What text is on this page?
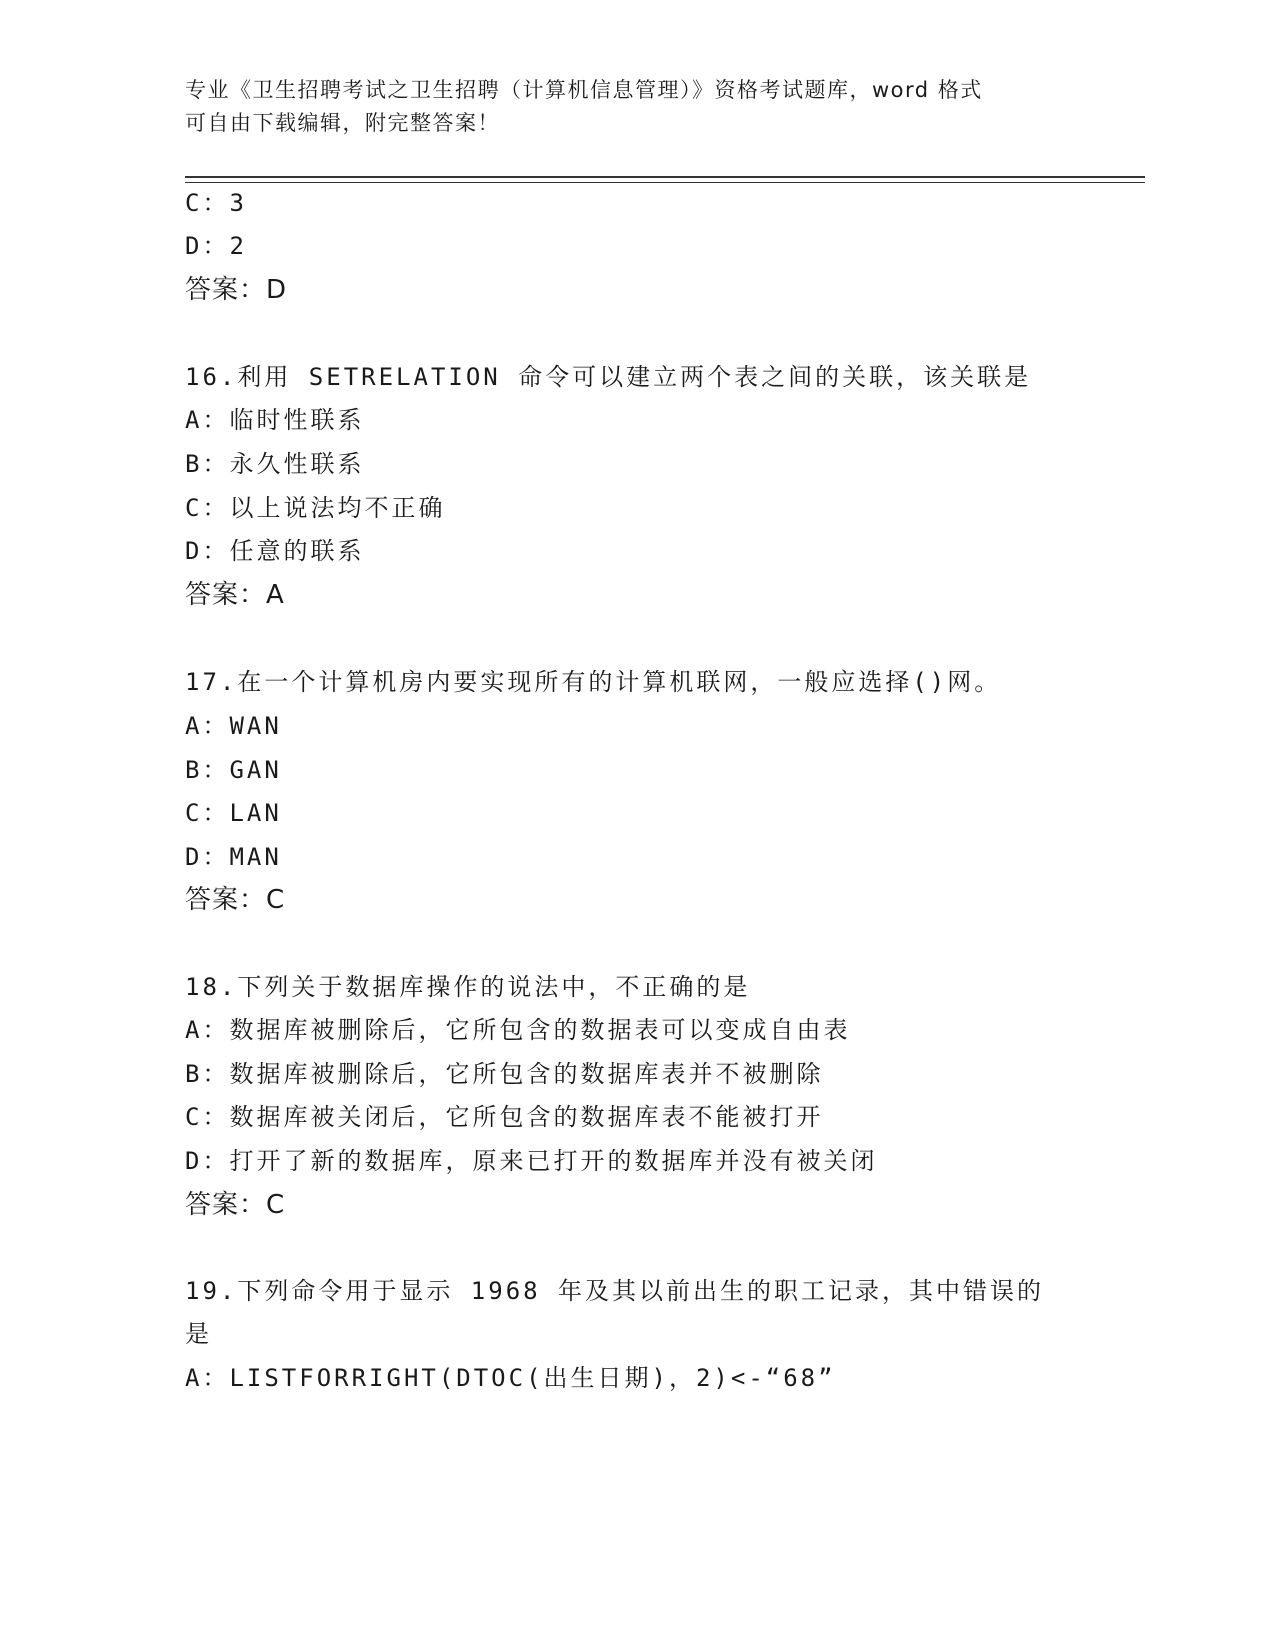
专业《卫生招聘考试之卫生招聘（计算机信息管理）》资格考试题库，word 格式
可自由下载编辑，附完整答案！
C：3
D：2
答案：D
16.利用 SETRELATION 命令可以建立两个表之间的关联，该关联是
A：临时性联系
B：永久性联系
C：以上说法均不正确
D：任意的联系
答案：A
17.在一个计算机房内要实现所有的计算机联网，一般应选择()网。
A：WAN
B：GAN
C：LAN
D：MAN
答案：C
18.下列关于数据库操作的说法中，不正确的是
A：数据库被删除后，它所包含的数据表可以变成自由表
B：数据库被删除后，它所包含的数据库表并不被删除
C：数据库被关闭后，它所包含的数据库表不能被打开
D：打开了新的数据库，原来已打开的数据库并没有被关闭
答案：C
19.下列命令用于显示 1968 年及其以前出生的职工记录，其中错误的
是
A：LISTFORRIGHT(DTOC(出生日期)，2)<-“68”
